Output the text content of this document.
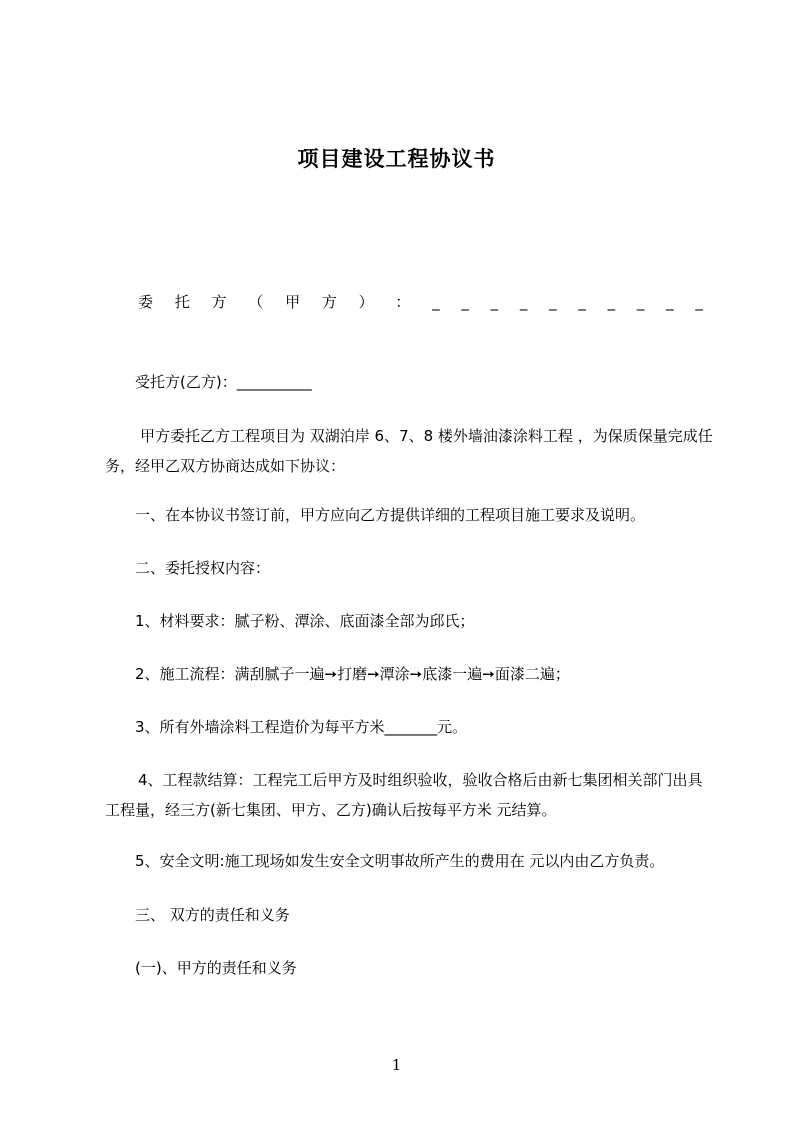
项目建设工程协议书
委 托 方 （ 甲 方 ） ： _ _ _ _ _ _ _ _ _ _
受托方(乙方)：__________
甲方委托乙方工程项目为 双湖泊岸 6、7、8 楼外墙油漆涂料工程 ，为保质保量完成任务，经甲乙双方协商达成如下协议：
一、在本协议书签订前，甲方应向乙方提供详细的工程项目施工要求及说明。
二、委托授权内容：
1、材料要求：腻子粉、潭涂、底面漆全部为邱氏；
2、施工流程：满刮腻子一遍➙打磨➙潭涂➙底漆一遍➙面漆二遍；
3、所有外墙涂料工程造价为每平方米_______元。
4、工程款结算：工程完工后甲方及时组织验收，验收合格后由新七集团相关部门出具工程量，经三方(新七集团、甲方、乙方)确认后按每平方米 元结算。
5、安全文明:施工现场如发生安全文明事故所产生的费用在 元以内由乙方负责。
三、 双方的责任和义务
(一)、甲方的责任和义务
1
